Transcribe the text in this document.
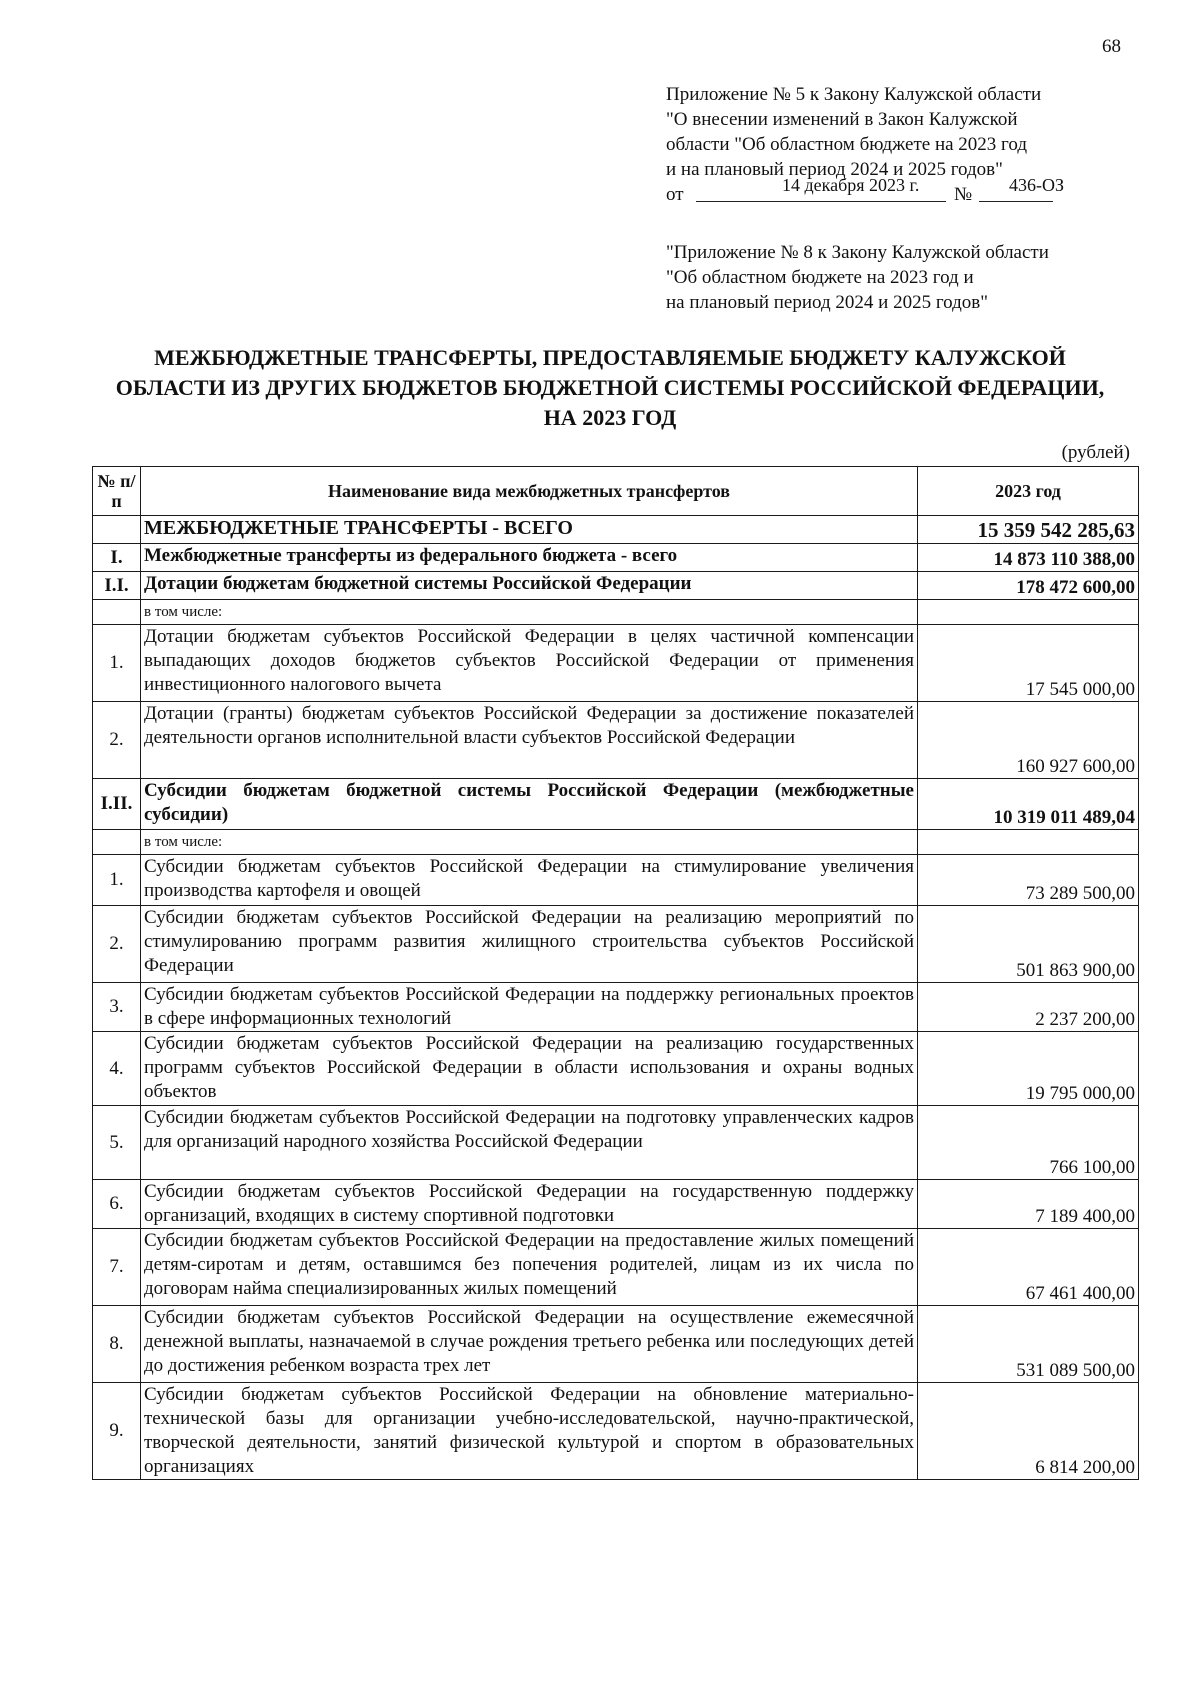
68
Приложение № 5 к Закону Калужской области
"О внесении изменений в Закон Калужской
области "Об областном бюджете на 2023 год
и на плановый период 2024 и 2025 годов"
от	14 декабря 2023 г. № 436-ОЗ
"Приложение № 8 к Закону Калужской области
"Об областном бюджете на 2023 год и
на плановый период 2024 и 2025 годов"
МЕЖБЮДЖЕТНЫЕ ТРАНСФЕРТЫ, ПРЕДОСТАВЛЯЕМЫЕ БЮДЖЕТУ КАЛУЖСКОЙ ОБЛАСТИ ИЗ ДРУГИХ БЮДЖЕТОВ БЮДЖЕТНОЙ СИСТЕМЫ РОССИЙСКОЙ ФЕДЕРАЦИИ, НА 2023 ГОД
(рублей)
№ п/п	Наименование вида межбюджетных трансфертов	2023 год
	МЕЖБЮДЖЕТНЫЕ ТРАНСФЕРТЫ - ВСЕГО	15 359 542 285,63
I.	Межбюджетные трансферты из федерального бюджета - всего	14 873 110 388,00
I.I.	Дотации бюджетам бюджетной системы Российской Федерации	178 472 600,00
	в том числе:	
1.	Дотации бюджетам субъектов Российской Федерации в целях частичной компенсации выпадающих доходов бюджетов субъектов Российской Федерации от применения инвестиционного налогового вычета	17 545 000,00
2.	Дотации (гранты) бюджетам субъектов Российской Федерации за достижение показателей деятельности органов исполнительной власти субъектов Российской Федерации	160 927 600,00
I.II.	Субсидии бюджетам бюджетной системы Российской Федерации (межбюджетные субсидии)	10 319 011 489,04
	в том числе:	
1.	Субсидии бюджетам субъектов Российской Федерации на стимулирование увеличения производства картофеля и овощей	73 289 500,00
2.	Субсидии бюджетам субъектов Российской Федерации на реализацию мероприятий по стимулированию программ развития жилищного строительства субъектов Российской Федерации	501 863 900,00
3.	Субсидии бюджетам субъектов Российской Федерации на поддержку региональных проектов в сфере информационных технологий	2 237 200,00
4.	Субсидии бюджетам субъектов Российской Федерации на реализацию государственных программ субъектов Российской Федерации в области использования и охраны водных объектов	19 795 000,00
5.	Субсидии бюджетам субъектов Российской Федерации на подготовку управленческих кадров для организаций народного хозяйства Российской Федерации	766 100,00
6.	Субсидии бюджетам субъектов Российской Федерации на государственную поддержку организаций, входящих в систему спортивной подготовки	7 189 400,00
7.	Субсидии бюджетам субъектов Российской Федерации на предоставление жилых помещений детям-сиротам и детям, оставшимся без попечения родителей, лицам из их числа по договорам найма специализированных жилых помещений	67 461 400,00
8.	Субсидии бюджетам субъектов Российской Федерации на осуществление ежемесячной денежной выплаты, назначаемой в случае рождения третьего ребенка или последующих детей до достижения ребенком возраста трех лет	531 089 500,00
9.	Субсидии бюджетам субъектов Российской Федерации на обновление материально-технической базы для организации учебно-исследовательской, научно-практической, творческой деятельности, занятий физической культурой и спортом в образовательных организациях	6 814 200,00
